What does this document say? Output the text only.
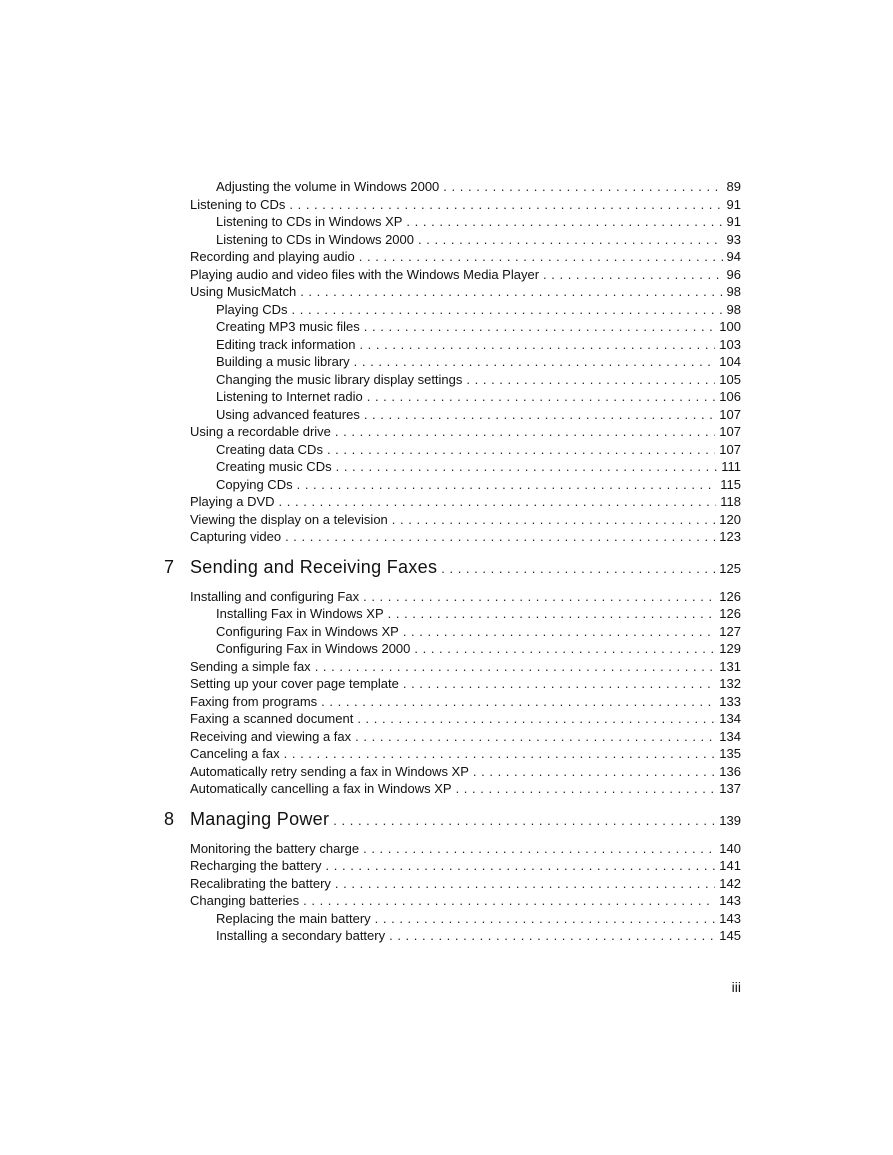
Adjusting the volume in Windows 2000 . . .	89
Listening to CDs . . .	91
Listening to CDs in Windows XP . . .	91
Listening to CDs in Windows 2000 . . .	93
Recording and playing audio . . .	94
Playing audio and video files with the Windows Media Player . . .	96
Using MusicMatch . . .	98
Playing CDs . . .	98
Creating MP3 music files . . .	100
Editing track information . . .	103
Building a music library . . .	104
Changing the music library display settings . . .	105
Listening to Internet radio . . .	106
Using advanced features . . .	107
Using a recordable drive . . .	107
Creating data CDs . . .	107
Creating music CDs . . .	111
Copying CDs . . .	115
Playing a DVD . . .	118
Viewing the display on a television . . .	120
Capturing video . . .	123
7 Sending and Receiving Faxes . . .	125
Installing and configuring Fax . . .	126
Installing Fax in Windows XP . . .	126
Configuring Fax in Windows XP . . .	127
Configuring Fax in Windows 2000 . . .	129
Sending a simple fax . . .	131
Setting up your cover page template . . .	132
Faxing from programs . . .	133
Faxing a scanned document . . .	134
Receiving and viewing a fax . . .	134
Canceling a fax . . .	135
Automatically retry sending a fax in Windows XP . . .	136
Automatically cancelling a fax in Windows XP . . .	137
8 Managing Power . . .	139
Monitoring the battery charge . . .	140
Recharging the battery . . .	141
Recalibrating the battery . . .	142
Changing batteries . . .	143
Replacing the main battery . . .	143
Installing a secondary battery . . .	145
iii
